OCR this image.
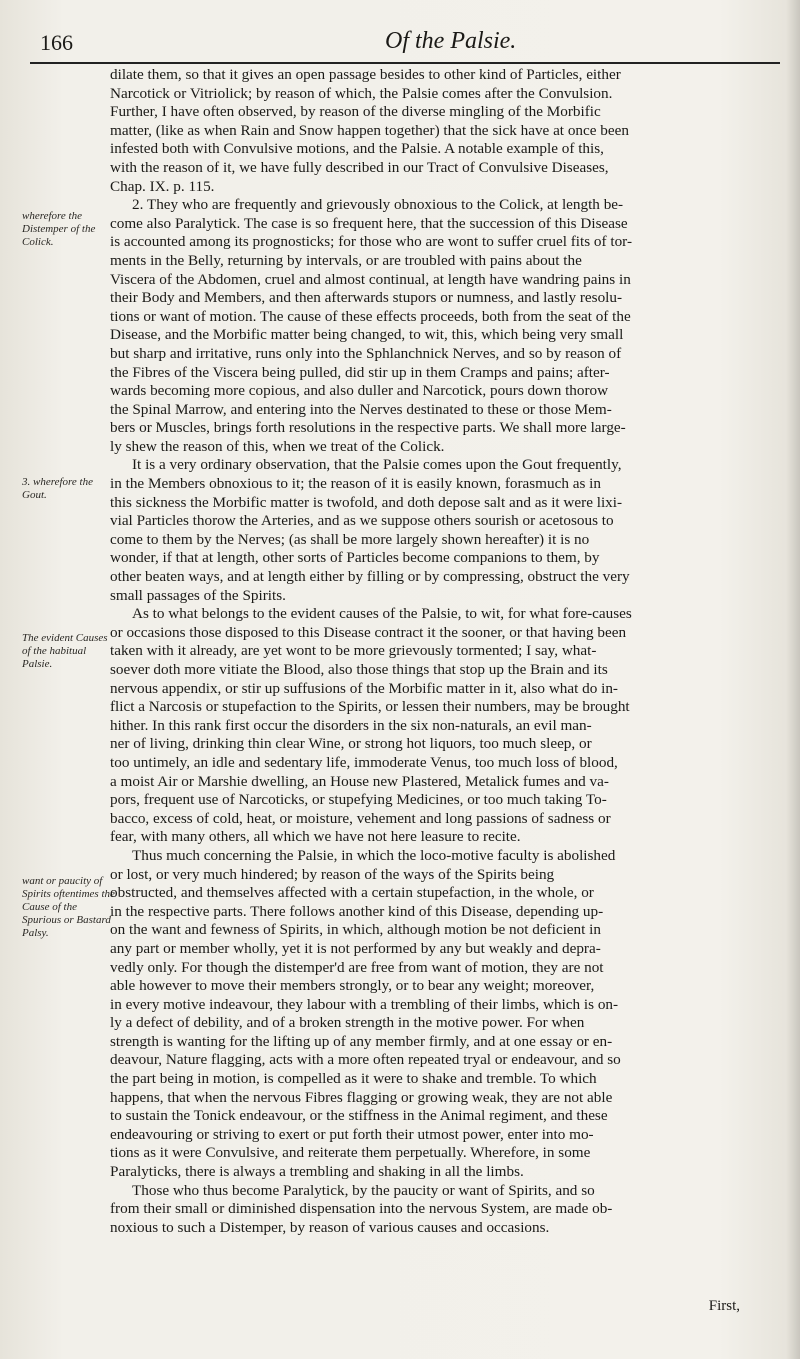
166	Of the Palsie.
wherefore the Distemper of the Colick.
3. wherefore the Gout.
The evident Causes of the habitual Palsie.
want or paucity of Spirits oftentimes the Cause of the Spurious or Bastard Palsy.
dilate them, so that it gives an open passage besides to other kind of Particles, either
Narcotick or Vitriolick; by reason of which, the Palsie comes after the Convulsion.
Further, I have often observed, by reason of the diverse mingling of the Morbific
matter, (like as when Rain and Snow happen together) that the sick have at once been
infested both with Convulsive motions, and the Palsie. A notable example of this,
with the reason of it, we have fully described in our Tract of Convulsive Diseases,
Chap. IX. p. 115.
2. They who are frequently and grievously obnoxious to the Colick, at length be-
come also Paralytick. The case is so frequent here, that the succession of this Disease
is accounted among its prognosticks; for those who are wont to suffer cruel fits of tor-
ments in the Belly, returning by intervals, or are troubled with pains about the
Viscera of the Abdomen, cruel and almost continual, at length have wandring pains in
their Body and Members, and then afterwards stupors or numness, and lastly resolu-
tions or want of motion. The cause of these effects proceeds, both from the seat of the
Disease, and the Morbific matter being changed, to wit, this, which being very small
but sharp and irritative, runs only into the Sphlanchnick Nerves, and so by reason of
the Fibres of the Viscera being pulled, did stir up in them Cramps and pains; after-
wards becoming more copious, and also duller and Narcotick, pours down thorow
the Spinal Marrow, and entering into the Nerves destinated to these or those Mem-
bers or Muscles, brings forth resolutions in the respective parts. We shall more large-
ly shew the reason of this, when we treat of the Colick.
It is a very ordinary observation, that the Palsie comes upon the Gout frequently,
in the Members obnoxious to it; the reason of it is easily known, forasmuch as in
this sickness the Morbific matter is twofold, and doth depose salt and as it were lixi-
vial Particles thorow the Arteries, and as we suppose others sourish or acetosous to
come to them by the Nerves; (as shall be more largely shown hereafter) it is no
wonder, if that at length, other sorts of Particles become companions to them, by
other beaten ways, and at length either by filling or by compressing, obstruct the very
small passages of the Spirits.
As to what belongs to the evident causes of the Palsie, to wit, for what fore-causes
or occasions those disposed to this Disease contract it the sooner, or that having been
taken with it already, are yet wont to be more grievously tormented; I say, what-
soever doth more vitiate the Blood, also those things that stop up the Brain and its
nervous appendix, or stir up suffusions of the Morbific matter in it, also what do in-
flict a Narcosis or stupefaction to the Spirits, or lessen their numbers, may be brought
hither. In this rank first occur the disorders in the six non-naturals, an evil man-
ner of living, drinking thin clear Wine, or strong hot liquors, too much sleep, or
too untimely, an idle and sedentary life, immoderate Venus, too much loss of blood,
a moist Air or Marshie dwelling, an House new Plastered, Metalick fumes and va-
pors, frequent use of Narcoticks, or stupefying Medicines, or too much taking To-
bacco, excess of cold, heat, or moisture, vehement and long passions of sadness or
fear, with many others, all which we have not here leasure to recite.
Thus much concerning the Palsie, in which the loco-motive faculty is abolished
or lost, or very much hindered; by reason of the ways of the Spirits being
obstructed, and themselves affected with a certain stupefaction, in the whole, or
in the respective parts. There follows another kind of this Disease, depending up-
on the want and fewness of Spirits, in which, although motion be not deficient in
any part or member wholly, yet it is not performed by any but weakly and depra-
vedly only. For though the distemper'd are free from want of motion, they are not
able however to move their members strongly, or to bear any weight; moreover,
in every motive indeavour, they labour with a trembling of their limbs, which is on-
ly a defect of debility, and of a broken strength in the motive power. For when
strength is wanting for the lifting up of any member firmly, and at one essay or en-
deavour, Nature flagging, acts with a more often repeated tryal or endeavour, and so
the part being in motion, is compelled as it were to shake and tremble. To which
happens, that when the nervous Fibres flagging or growing weak, they are not able
to sustain the Tonick endeavour, or the stiffness in the Animal regiment, and these
endeavouring or striving to exert or put forth their utmost power, enter into mo-
tions as it were Convulsive, and reiterate them perpetually. Wherefore, in some
Paralyticks, there is always a trembling and shaking in all the limbs.
Those who thus become Paralytick, by the paucity or want of Spirits, and so
from their small or diminished dispensation into the nervous System, are made ob-
noxious to such a Distemper, by reason of various causes and occasions.
First,
